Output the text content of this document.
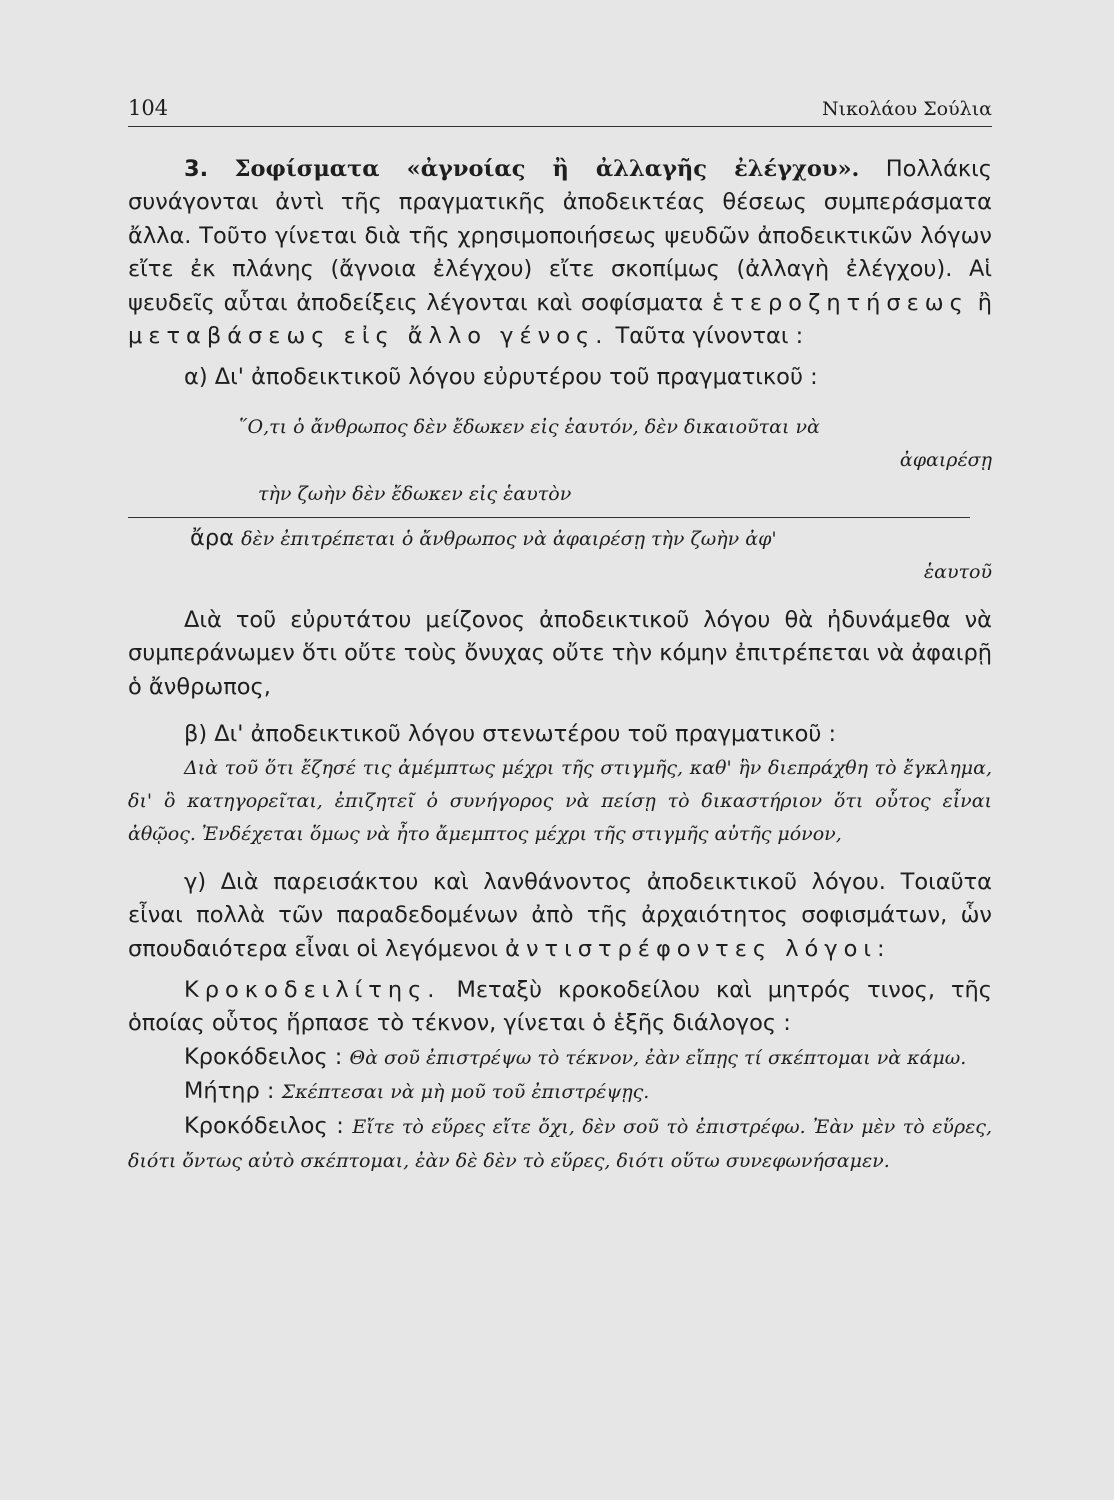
104	Νικολάου Σούλια

3. Σοφίσματα «ἀγνοίας ἢ ἀλλαγῆς ἐλέγχου». Πολλάκις συνάγονται ἀντὶ τῆς πραγματικῆς ἀποδεικτέας θέσεως συμπεράσματα ἄλλα. Τοῦτο γίνεται διὰ τῆς χρησιμοποιήσεως ψευδῶν ἀποδεικτικῶν λόγων εἴτε ἐκ πλάνης (ἄγνοια ἐλέγχου) εἴτε σκοπίμως (ἀλλαγὴ ἐλέγχου). Αἱ ψευδεῖς αὗται ἀποδείξεις λέγονται καὶ σοφίσματα ἑτεροζητήσεως ἢ μεταβάσεως εἰς ἄλλο γένος. Ταῦτα γίνονται :

α) Δι' ἀποδεικτικοῦ λόγου εὐρυτέρου τοῦ πραγματικοῦ :

῞Ο,τι ὁ ἄνθρωπος δὲν ἔδωκεν εἰς ἑαυτόν, δὲν δικαιοῦται νὰ

ἀφαιρέσῃ

τὴν ζωὴν δὲν ἔδωκεν εἰς ἑαυτὸν

ἄρα δὲν ἐπιτρέπεται ὁ ἄνθρωπος νὰ ἀφαιρέσῃ τὴν ζωὴν ἀφ'

ἑαυτοῦ

Διὰ τοῦ εὐρυτάτου μείζονος ἀποδεικτικοῦ λόγου θὰ ἠδυνάμεθα νὰ συμπεράνωμεν ὅτι οὔτε τοὺς ὄνυχας οὔτε τὴν κόμην ἐπιτρέπεται νὰ ἀφαιρῇ ὁ ἄνθρωπος,

β) Δι' ἀποδεικτικοῦ λόγου στενωτέρου τοῦ πραγματικοῦ :

Διὰ τοῦ ὅτι ἔζησέ τις ἀμέμπτως μέχρι τῆς στιγμῆς, καθ' ἣν διεπράχθη τὸ ἔγκλημα, δι' ὃ κατηγορεῖται, ἐπιζητεῖ ὁ συνήγορος νὰ πείσῃ τὸ δικαστήριον ὅτι οὗτος εἶναι ἀθῷος. Ἐνδέχεται ὅμως νὰ ἦτο ἄμεμπτος μέχρι τῆς στιγμῆς αὐτῆς μόνον,

γ) Διὰ παρεισάκτου καὶ λανθάνοντος ἀποδεικτικοῦ λόγου. Τοιαῦτα εἶναι πολλὰ τῶν παραδεδομένων ἀπὸ τῆς ἀρχαιότητος σοφισμάτων, ὧν σπουδαιότερα εἶναι οἱ λεγόμενοι ἀντιστρέφοντες λόγοι:

Κροκοδειλίτης. Μεταξὺ κροκοδείλου καὶ μητρός τινος, τῆς ὁποίας οὗτος ἥρπασε τὸ τέκνον, γίνεται ὁ ἑξῆς διάλογος :

Κροκόδειλος : Θὰ σοῦ ἐπιστρέψω τὸ τέκνον, ἐὰν εἴπῃς τί σκέπτομαι νὰ κάμω.

Μήτηρ : Σκέπτεσαι νὰ μὴ μοῦ τοῦ ἐπιστρέψῃς.

Κροκόδειλος : Εἴτε τὸ εὕρες εἴτε ὄχι, δὲν σοῦ τὸ ἐπιστρέφω. Ἐὰν μὲν τὸ εὕρες, διότι ὄντως αὐτὸ σκέπτομαι, ἐὰν δὲ δὲν τὸ εὕρες, διότι οὕτω συνεφωνήσαμεν.
